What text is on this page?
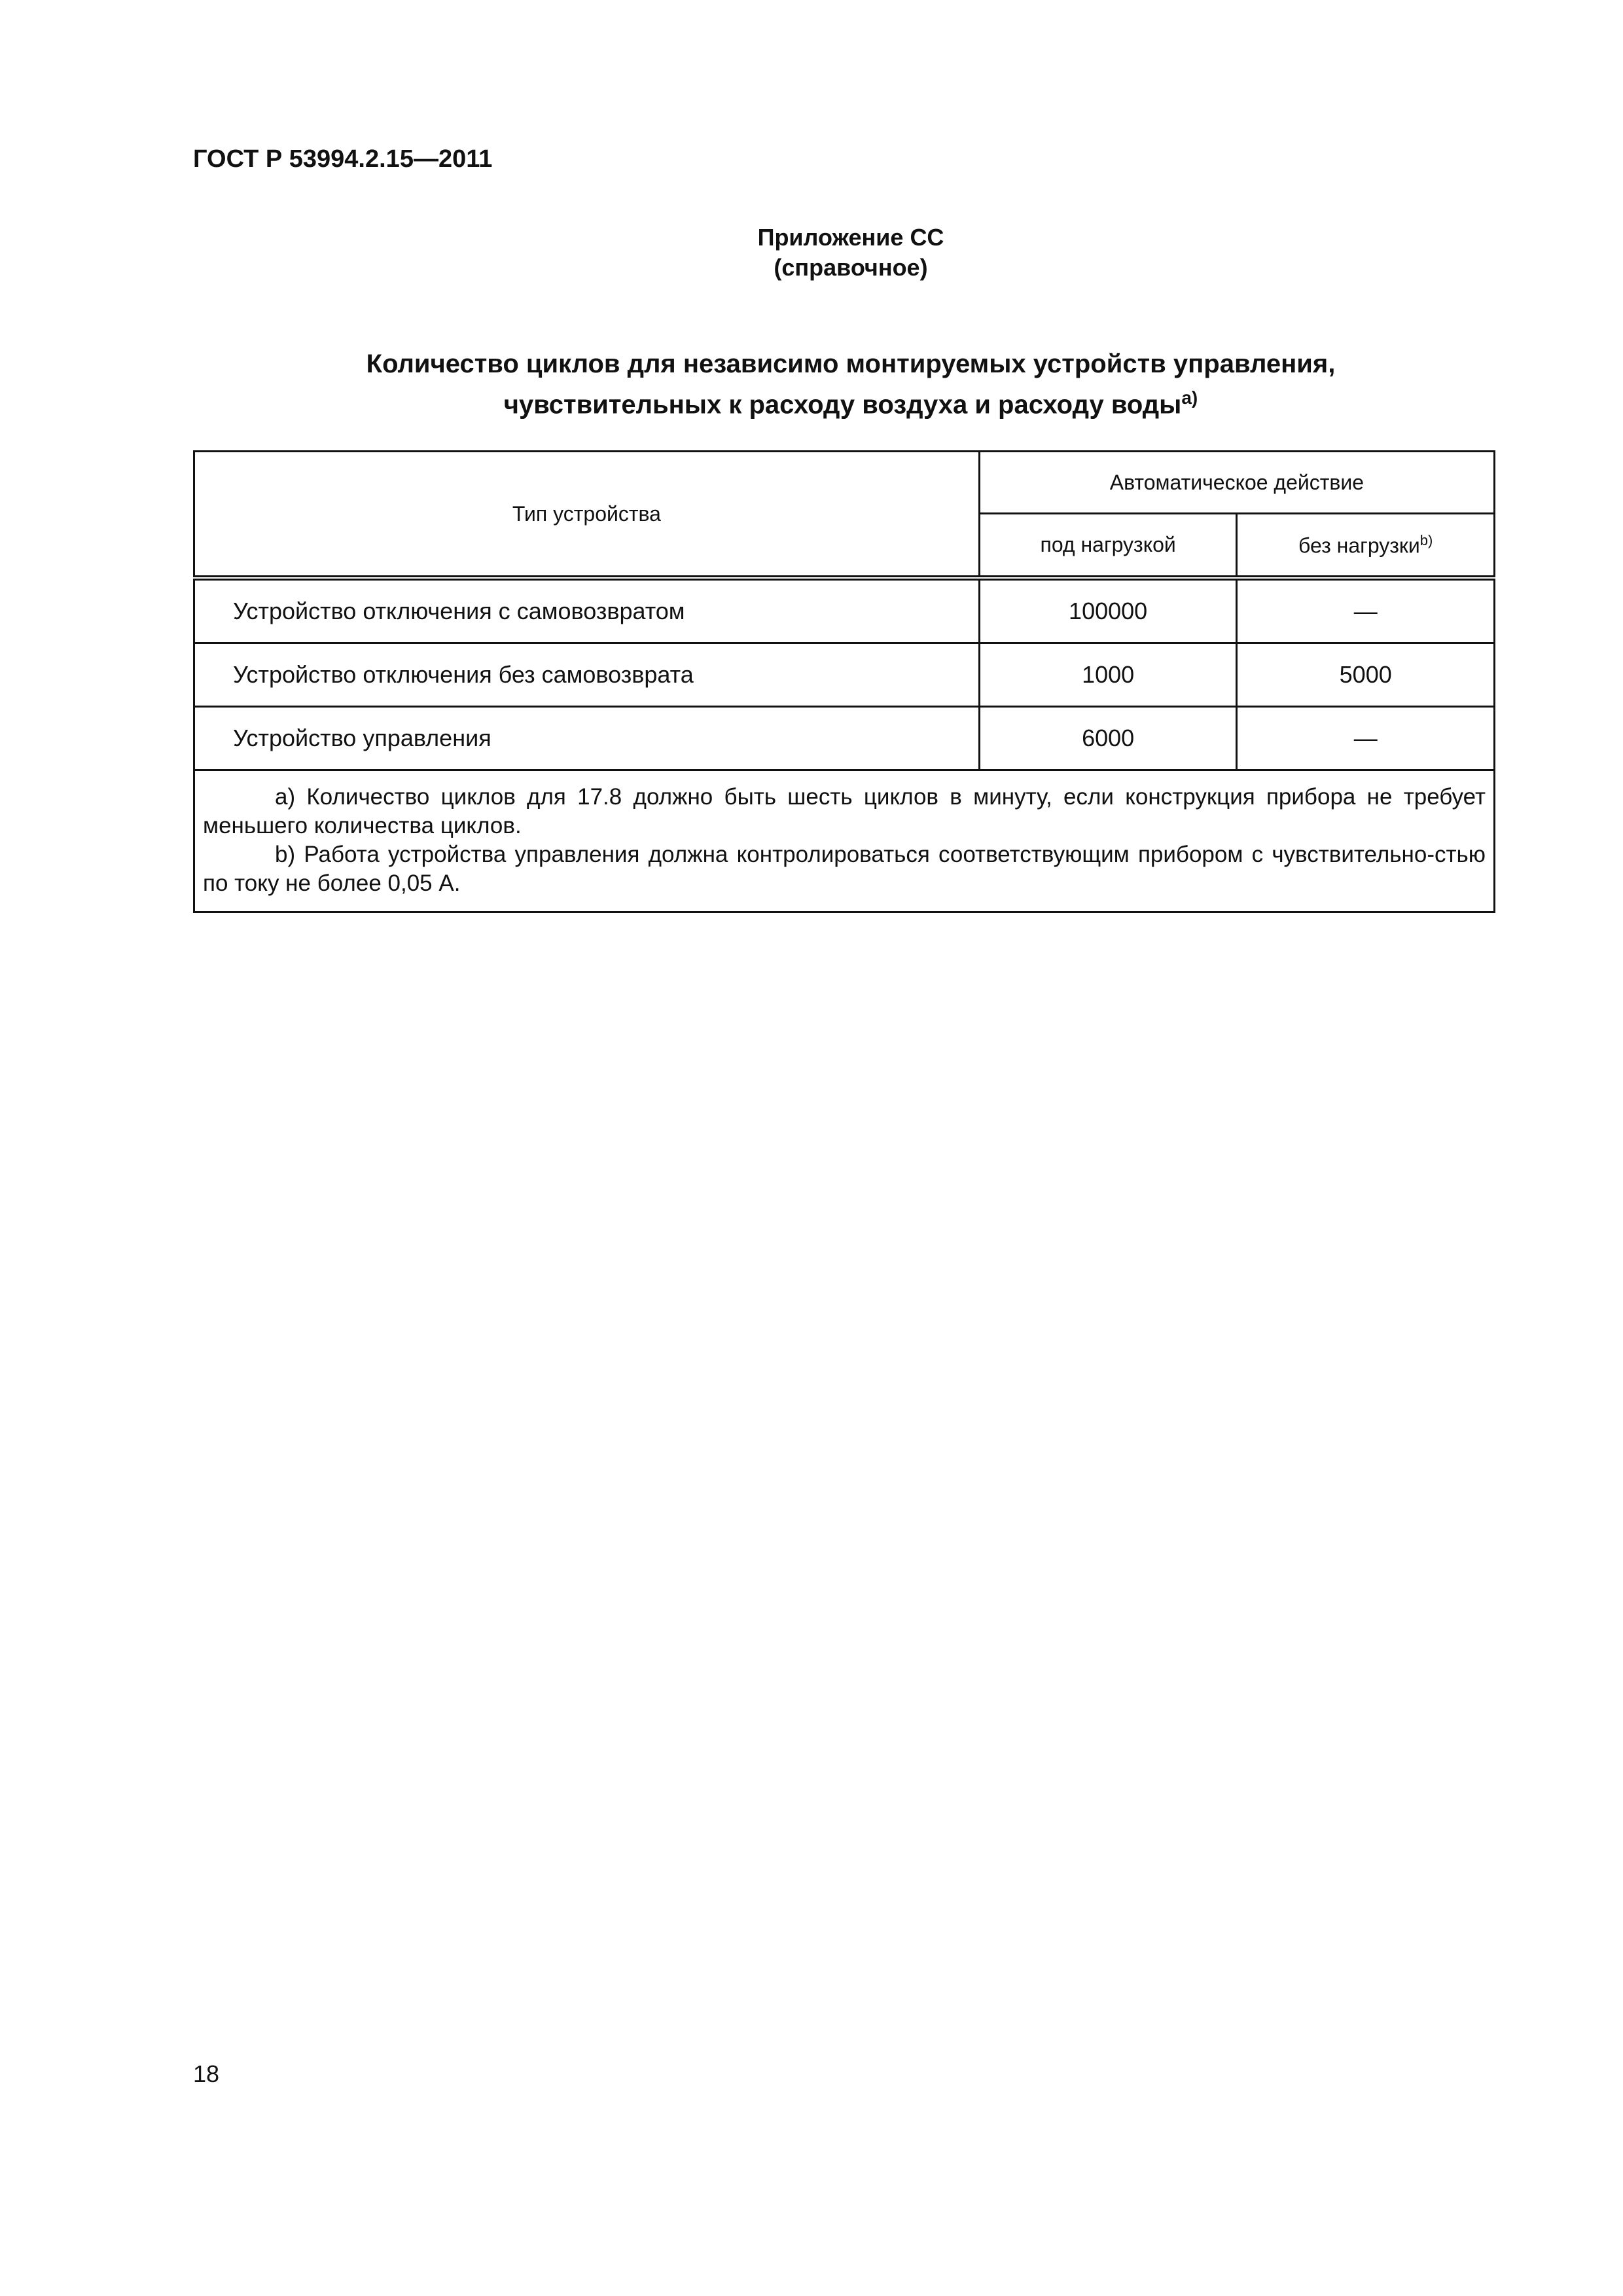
ГОСТ Р 53994.2.15—2011
Приложение СС
(справочное)
Количество циклов для независимо монтируемых устройств управления,
чувствительных к расходу воздуха и расходу воды$^{a)}$
Тип устройства	Автоматическое действие	
	под нагрузкой	без нагрузки$^{b)}$
Устройство отключения с самовозвратом	100000	—
Устройство отключения без самовозврата	1000	5000
Устройство управления	6000	—

a) Количество циклов для 17.8 должно быть шесть циклов в минуту, если конструкция прибора не требует меньшего количества циклов.

b) Работа устройства управления должна контролироваться соответствующим прибором с чувствительно-стью по току не более 0,05 А.		

18
